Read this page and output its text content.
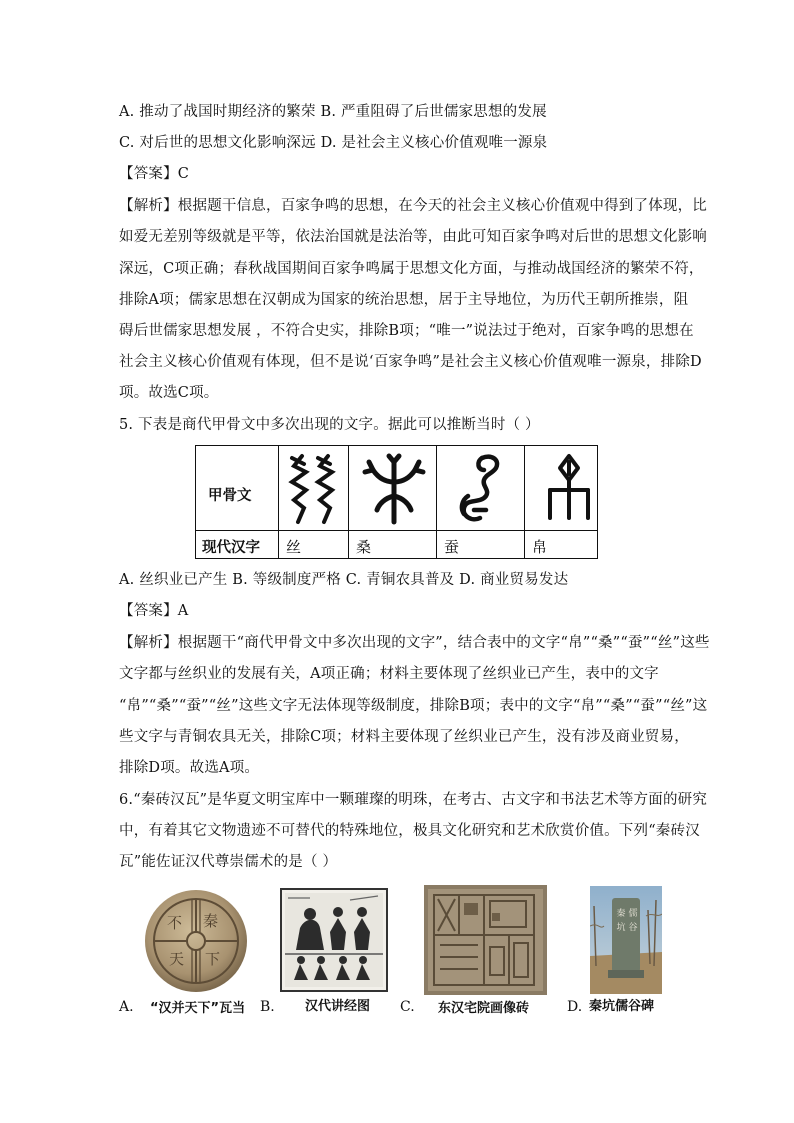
A. 推动了战国时期经济的繁荣 B. 严重阻碍了后世儒家思想的发展
C. 对后世的思想文化影响深远 D. 是社会主义核心价值观唯一源泉
【答案】C
【解析】根据题干信息，百家争鸣的思想，在今天的社会主义核心价值观中得到了体现，比
如爱无差别等级就是平等，依法治国就是法治等，由此可知百家争鸣对后世的思想文化影响
深远，C项正确；春秋战国期间百家争鸣属于思想文化方面，与推动战国经济的繁荣不符，
排除A项；儒家思想在汉朝成为国家的统治思想，居于主导地位，为历代王朝所推崇，阻
碍后世儒家思想发展 ，不符合史实，排除B项；“唯一”说法过于绝对，百家争鸣的思想在
社会主义核心价值观有体现，但不是说‘百家争鸣”是社会主义核心价值观唯一源泉，排除D
项。故选C项。
5. 下表是商代甲骨文中多次出现的文字。据此可以推断当时（ ）
甲骨文
现代汉字 丝	桑	蚕	帛
A. 丝织业已产生 B. 等级制度严格 C. 青铜农具普及 D. 商业贸易发达
【答案】A
【解析】根据题干“商代甲骨文中多次出现的文字”，结合表中的文字“帛”“桑”“蚕”“丝”这些
文字都与丝织业的发展有关，A项正确；材料主要体现了丝织业已产生，表中的文字
“帛”“桑”“蚕”“丝”这些文字无法体现等级制度，排除B项；表中的文字“帛”“桑”“蚕”“丝”这
些文字与青铜农具无关，排除C项；材料主要体现了丝织业已产生，没有涉及商业贸易，
排除D项。故选A项。
6.“秦砖汉瓦”是华夏文明宝库中一颗璀璨的明珠，在考古、古文字和书法艺术等方面的研究
中，有着其它文物遗迹不可替代的特殊地位，极具文化研究和艺术欣赏价值。下列“秦砖汉
瓦”能佐证汉代尊崇儒术的是（ ）
A.
秦
不
天 下
“汉并天下”瓦当 B. 汉代讲经图 C. 东汉宅院画像砖	D.
秦
坑
儒
谷
秦坑儒谷碑
